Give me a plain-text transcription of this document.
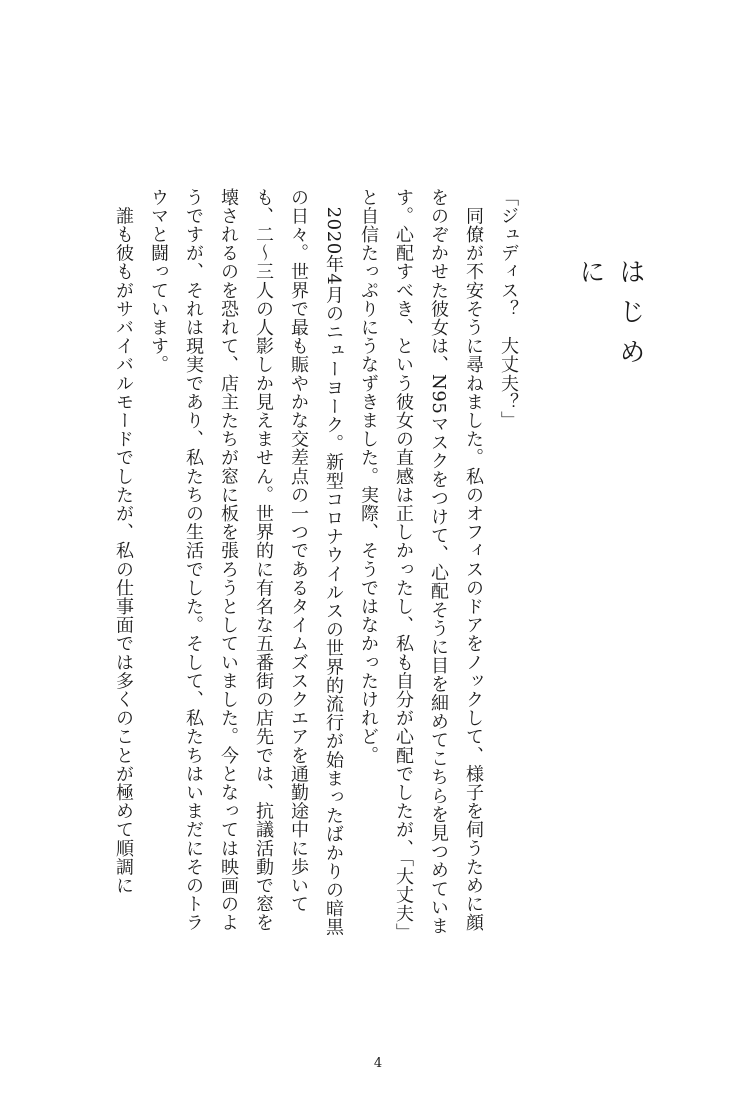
はじめに

「ジュディス？　大丈夫？」

　同僚が不安そうに尋ねました。私のオフィスのドアをノックして、様子を伺うために顔をのぞかせた彼女は、N95マスクをつけて、心配そうに目を細めてこちらを見つめています。心配すべき、という彼女の直感は正しかったし、私も自分が心配でしたが、「大丈夫」と自信たっぷりにうなずきました。実際、そうではなかったけれど。

　2020年4月のニューヨーク。新型コロナウイルスの世界的流行が始まったばかりの暗黒の日々。世界で最も賑やかな交差点の一つであるタイムズスクエアを通勤途中に歩いても、二〜三人の人影しか見えません。世界的に有名な五番街の店先では、抗議活動で窓を壊されるのを恐れて、店主たちが窓に板を張ろうとしていました。今となっては映画のようですが、それは現実であり、私たちの生活でした。そして、私たちはいまだにそのトラウマと闘っています。

　誰も彼もがサバイバルモードでしたが、私の仕事面では多くのことが極めて順調に

4
